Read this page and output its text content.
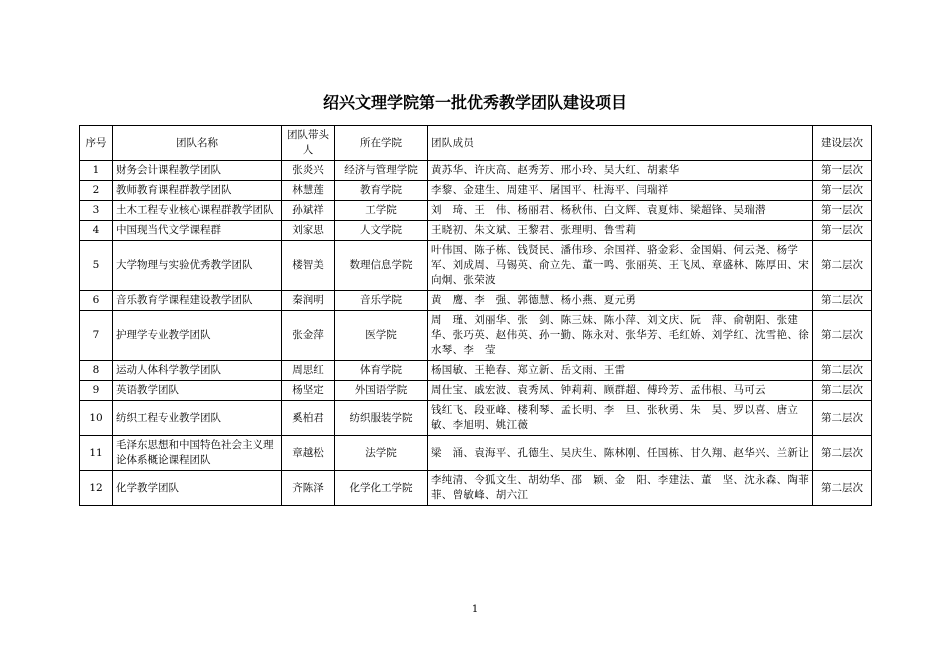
绍兴文理学院第一批优秀教学团队建设项目
序号	团队名称	团队带头人	所在学院	团队成员	建设层次
1	财务会计课程教学团队	张炎兴	经济与管理学院	黄苏华、许庆高、赵秀芳、邢小玲、吴大红、胡素华	第一层次
2	教师教育课程群教学团队	林慧莲	教育学院	李黎、金建生、周建平、屠国平、杜海平、闫瑞祥	第一层次
3	土木工程专业核心课程群教学团队	孙斌祥	工学院	刘　琦、王　伟、杨丽君、杨秋伟、白文辉、袁夏炜、梁超锋、吴瑞潜	第一层次
4	中国现当代文学课程群	刘家思	人文学院	王晓初、朱文斌、王黎君、张理明、鲁雪莉	第一层次
5	大学物理与实验优秀教学团队	楼智美	数理信息学院	叶伟国、陈子栋、钱贤民、潘伟珍、余国祥、骆金彩、金国娟、何云尧、杨学军、刘成周、马锡英、俞立先、董一鸣、张丽英、王飞凤、章盛林、陈厚田、宋向炯、张荣波	第二层次
6	音乐教育学课程建设教学团队	秦润明	音乐学院	黄　鹰、李　强、郭德慧、杨小燕、夏元勇	第二层次
7	护理学专业教学团队	张金萍	医学院	周　瑾、刘丽华、张　剑、陈三妹、陈小萍、刘文庆、阮　萍、俞朝阳、张建华、张巧英、赵伟英、孙一勤、陈永对、张华芳、毛红娇、刘学红、沈雪艳、徐水琴、李　莹	第二层次
8	运动人体科学教学团队	周思红	体育学院	杨国敏、王艳春、郑立新、岳文雨、王雷	第二层次
9	英语教学团队	杨坚定	外国语学院	周仕宝、戚宏波、袁秀凤、钟莉莉、顾群超、傅玲芳、孟伟根、马可云	第二层次
10	纺织工程专业教学团队	奚柏君	纺织服装学院	钱红飞、段亚峰、楼利琴、孟长明、李　旦、张秋勇、朱　昊、罗以喜、唐立敏、李旭明、姚江薇	第二层次
11	毛泽东思想和中国特色社会主义理论体系概论课程团队	章越松	法学院	梁　涌、袁海平、孔德生、吴庆生、陈林刚、任国栋、甘久翔、赵华兴、兰新让	第二层次
12	化学教学团队	齐陈泽	化学化工学院	李纯清、令狐文生、胡幼华、邵　颖、金　阳、李建法、董　坚、沈永森、陶菲菲、曾敏峰、胡六江	第二层次
1
